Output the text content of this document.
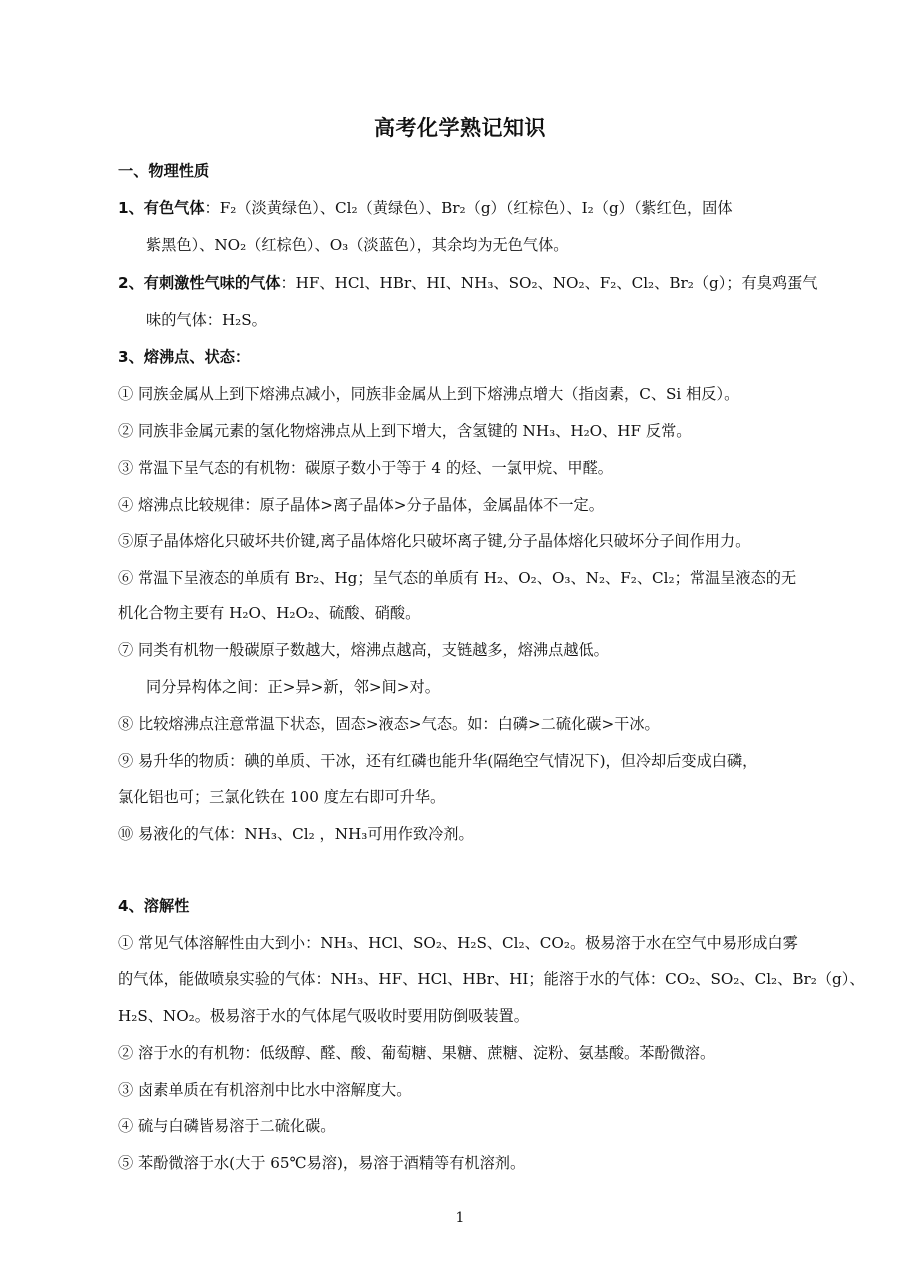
高考化学熟记知识
一、物理性质
1、有色气体：F₂（淡黄绿色）、Cl₂（黄绿色）、Br₂（g）（红棕色）、I₂（g）（紫红色，固体
紫黑色）、NO₂（红棕色）、O₃（淡蓝色），其余均为无色气体。
2、有刺激性气味的气体：HF、HCl、HBr、HI、NH₃、SO₂、NO₂、F₂、Cl₂、Br₂（g）；有臭鸡蛋气
味的气体：H₂S。
3、熔沸点、状态：
① 同族金属从上到下熔沸点减小，同族非金属从上到下熔沸点增大（指卤素，C、Si 相反）。
② 同族非金属元素的氢化物熔沸点从上到下增大，含氢键的 NH₃、H₂O、HF 反常。
③ 常温下呈气态的有机物：碳原子数小于等于 4 的烃、一氯甲烷、甲醛。
④ 熔沸点比较规律：原子晶体>离子晶体>分子晶体，金属晶体不一定。
⑤原子晶体熔化只破坏共价键,离子晶体熔化只破坏离子键,分子晶体熔化只破坏分子间作用力。
⑥ 常温下呈液态的单质有 Br₂、Hg；呈气态的单质有 H₂、O₂、O₃、N₂、F₂、Cl₂；常温呈液态的无
机化合物主要有 H₂O、H₂O₂、硫酸、硝酸。
⑦ 同类有机物一般碳原子数越大，熔沸点越高，支链越多，熔沸点越低。
同分异构体之间：正>异>新，邻>间>对。
⑧ 比较熔沸点注意常温下状态，固态>液态>气态。如：白磷>二硫化碳>干冰。
⑨ 易升华的物质：碘的单质、干冰，还有红磷也能升华(隔绝空气情况下)，但冷却后变成白磷，
氯化铝也可；三氯化铁在 100 度左右即可升华。
⑩ 易液化的气体：NH₃、Cl₂ ，NH₃可用作致冷剂。
4、溶解性
① 常见气体溶解性由大到小：NH₃、HCl、SO₂、H₂S、Cl₂、CO₂。极易溶于水在空气中易形成白雾
的气体，能做喷泉实验的气体：NH₃、HF、HCl、HBr、HI；能溶于水的气体：CO₂、SO₂、Cl₂、Br₂（g）、
H₂S、NO₂。极易溶于水的气体尾气吸收时要用防倒吸装置。
② 溶于水的有机物：低级醇、醛、酸、葡萄糖、果糖、蔗糖、淀粉、氨基酸。苯酚微溶。
③ 卤素单质在有机溶剂中比水中溶解度大。
④ 硫与白磷皆易溶于二硫化碳。
⑤ 苯酚微溶于水(大于 65℃易溶)，易溶于酒精等有机溶剂。
1
